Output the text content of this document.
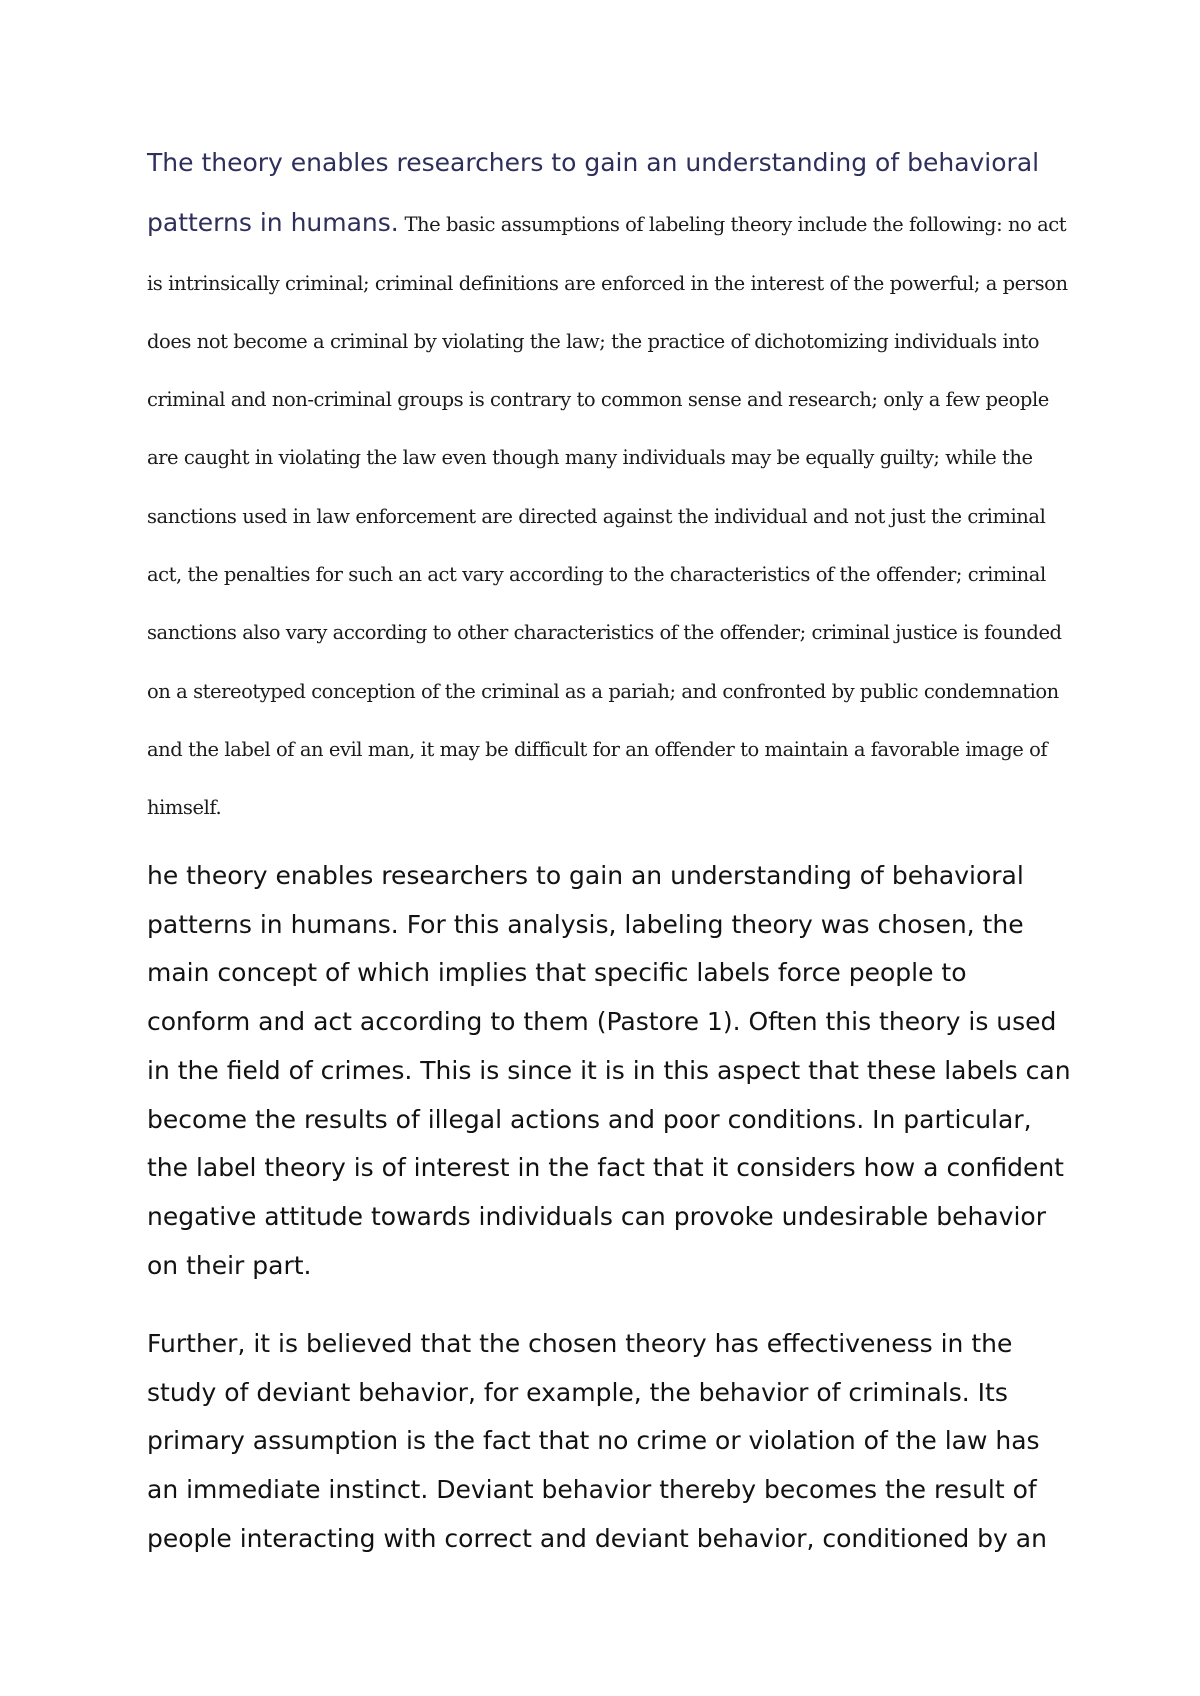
The theory enables researchers to gain an understanding of behavioral patterns in humans. The basic assumptions of labeling theory include the following: no act is intrinsically criminal; criminal definitions are enforced in the interest of the powerful; a person does not become a criminal by violating the law; the practice of dichotomizing individuals into criminal and non-criminal groups is contrary to common sense and research; only a few people are caught in violating the law even though many individuals may be equally guilty; while the sanctions used in law enforcement are directed against the individual and not just the criminal act, the penalties for such an act vary according to the characteristics of the offender; criminal sanctions also vary according to other characteristics of the offender; criminal justice is founded on a stereotyped conception of the criminal as a pariah; and confronted by public condemnation and the label of an evil man, it may be difficult for an offender to maintain a favorable image of himself.

he theory enables researchers to gain an understanding of behavioral patterns in humans. For this analysis, labeling theory was chosen, the main concept of which implies that specific labels force people to conform and act according to them (Pastore 1). Often this theory is used in the field of crimes. This is since it is in this aspect that these labels can become the results of illegal actions and poor conditions. In particular, the label theory is of interest in the fact that it considers how a confident negative attitude towards individuals can provoke undesirable behavior on their part.

Further, it is believed that the chosen theory has effectiveness in the study of deviant behavior, for example, the behavior of criminals. Its primary assumption is the fact that no crime or violation of the law has an immediate instinct. Deviant behavior thereby becomes the result of people interacting with correct and deviant behavior, conditioned by an
